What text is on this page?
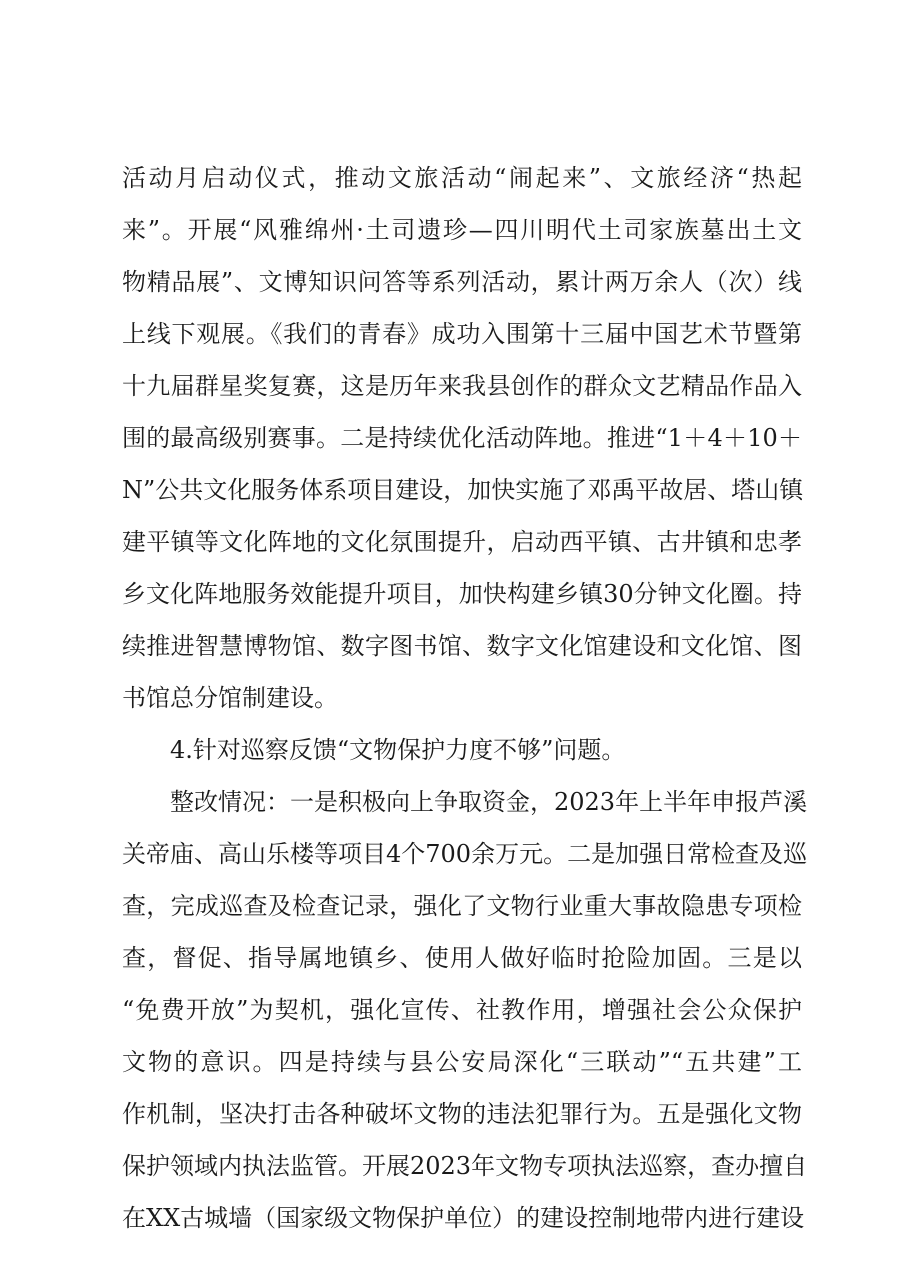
活动月启动仪式，推动文旅活动“闹起来”、文旅经济“热起
来”。开展“风雅绵州·土司遗珍—四川明代土司家族墓出土文
物精品展”、文博知识问答等系列活动，累计两万余人（次）线
上线下观展。《我们的青春》成功入围第十三届中国艺术节暨第
十九届群星奖复赛，这是历年来我县创作的群众文艺精品作品入
围的最高级别赛事。二是持续优化活动阵地。推进“1＋4＋10＋
N”公共文化服务体系项目建设，加快实施了邓禹平故居、塔山镇
建平镇等文化阵地的文化氛围提升，启动西平镇、古井镇和忠孝
乡文化阵地服务效能提升项目，加快构建乡镇30分钟文化圈。持
续推进智慧博物馆、数字图书馆、数字文化馆建设和文化馆、图
书馆总分馆制建设。
4.针对巡察反馈“文物保护力度不够”问题。
整改情况：一是积极向上争取资金，2023年上半年申报芦溪
关帝庙、高山乐楼等项目4个700余万元。二是加强日常检查及巡
查，完成巡查及检查记录，强化了文物行业重大事故隐患专项检
查，督促、指导属地镇乡、使用人做好临时抢险加固。三是以
“免费开放”为契机，强化宣传、社教作用，增强社会公众保护
文物的意识。四是持续与县公安局深化“三联动”“五共建”工
作机制，坚决打击各种破坏文物的违法犯罪行为。五是强化文物
保护领域内执法监管。开展2023年文物专项执法巡察，查办擅自
在XX古城墙（国家级文物保护单位）的建设控制地带内进行建设
